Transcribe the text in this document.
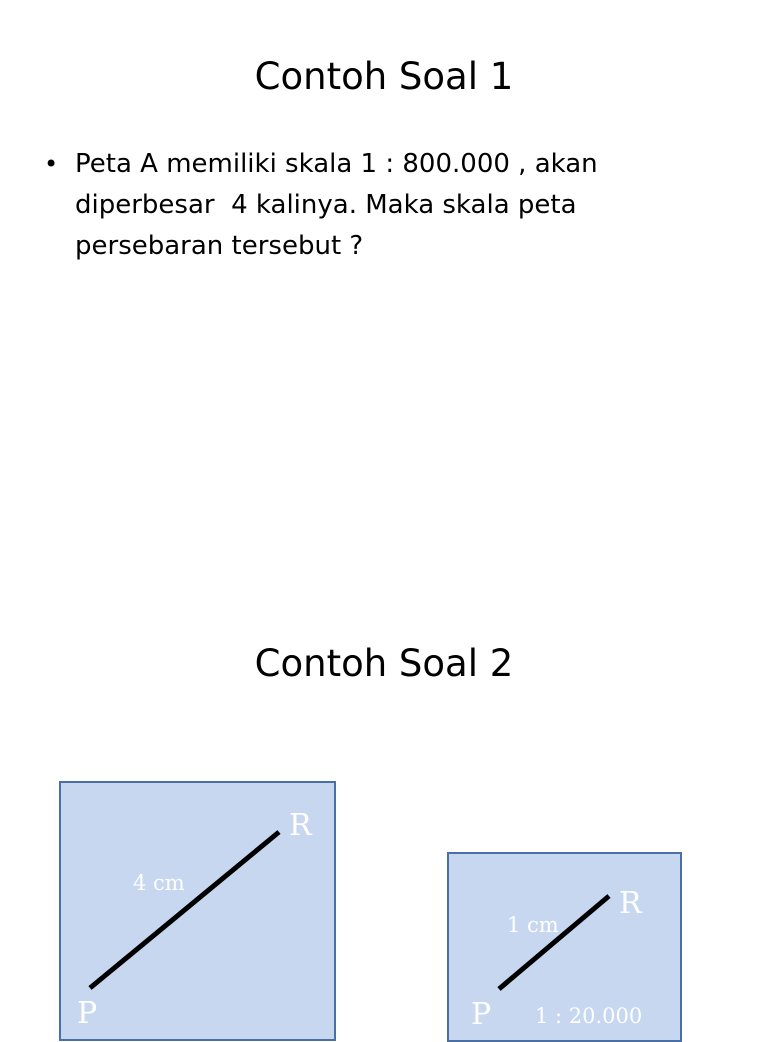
Contoh Soal 1
• Peta A memiliki skala 1 : 800.000 , akan
diperbesar  4 kalinya. Maka skala peta
persebaran tersebut ?
Contoh Soal 2
R
4 cm
P
R
1 cm
P 1 : 20.000
